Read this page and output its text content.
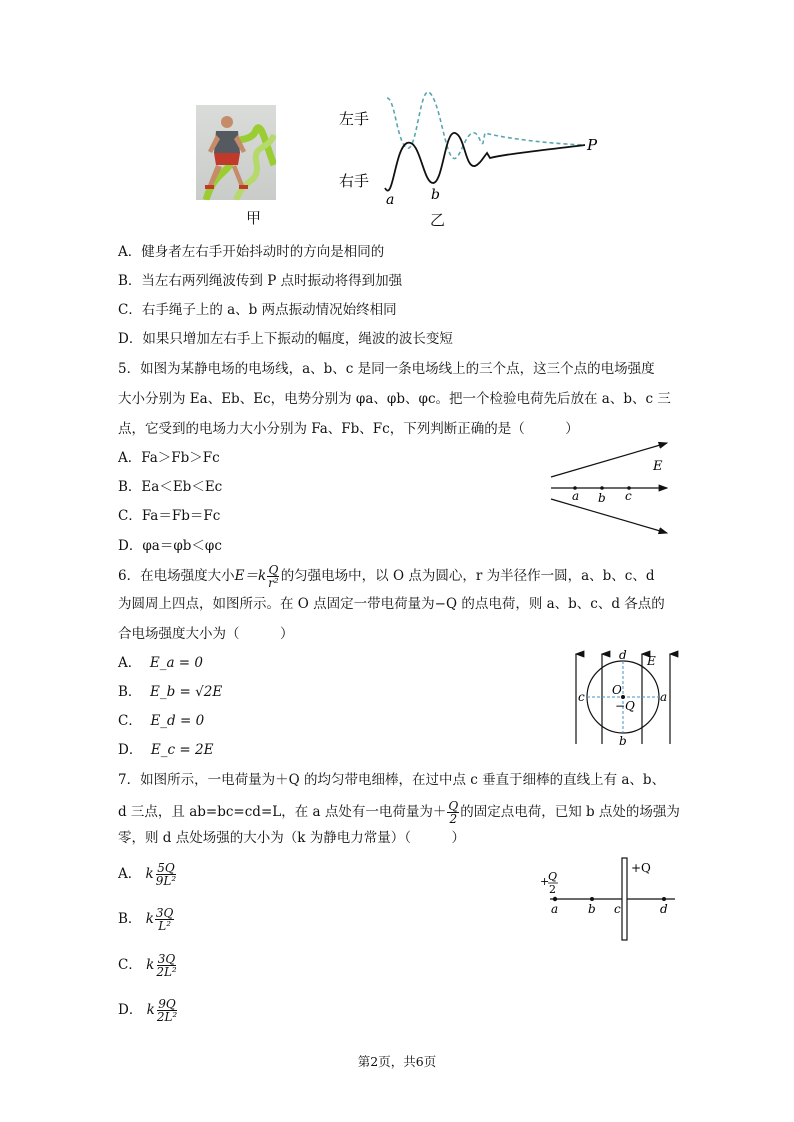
甲
左手
右手
a	b
P
乙
A．健身者左右手开始抖动时的方向是相同的
B．当左右两列绳波传到 P 点时振动将得到加强
C．右手绳子上的 a、b 两点振动情况始终相同
D．如果只增加左右手上下振动的幅度，绳波的波长变短
5．如图为某静电场的电场线，a、b、c 是同一条电场线上的三个点，这三个点的电场强度
大小分别为 Ea、Eb、Ec，电势分别为 φa、φb、φc。把一个检验电荷先后放在 a、b、c 三
点，它受到的电场力大小分别为 Fa、Fb、Fc，下列判断正确的是（　　　）
A．Fa＞Fb＞Fc
B．Ea＜Eb＜Ec
C．Fa＝Fb＝Fc
D．φa＝φb＜φc
E
a b c
6．在电场强度大小$E=k \frac{Q}{\text{r²}}$ 的匀强电场中，以 O 点为圆心，r 为半径作一圆，a、b、c、d
为圆周上四点，如图所示。在 O 点固定一带电荷量为−Q 的点电荷，则 a、b、c、d 各点的
合电场强度大小为（　　　）
A． E_a = 0
B． E_b = √2E
C． E_d = 0
D． E_c = 2E
d E
c O
−Q
a
b
7．如图所示，一电荷量为＋Q 的均匀带电细棒，在过中点 c 垂直于细棒的直线上有 a、b、
d 三点，且 ab=bc=cd=L，在 a 点处有一电荷量为＋ $\frac{Q}{2}$ 的固定点电荷，已知 b 点处的场强为
零，则 d 点处场强的大小为（k 为静电力常量）（　　　）
A． k $\frac{5Q}{\text{9L²}}$
B． k $\frac{3Q}{\text{L²}}$
C． k $\frac{3Q}{\text{2L²}}$
D． k $\frac{9Q}{\text{2L²}}$
+Q
+
Q
2
a b c	d
第2页，共6页
